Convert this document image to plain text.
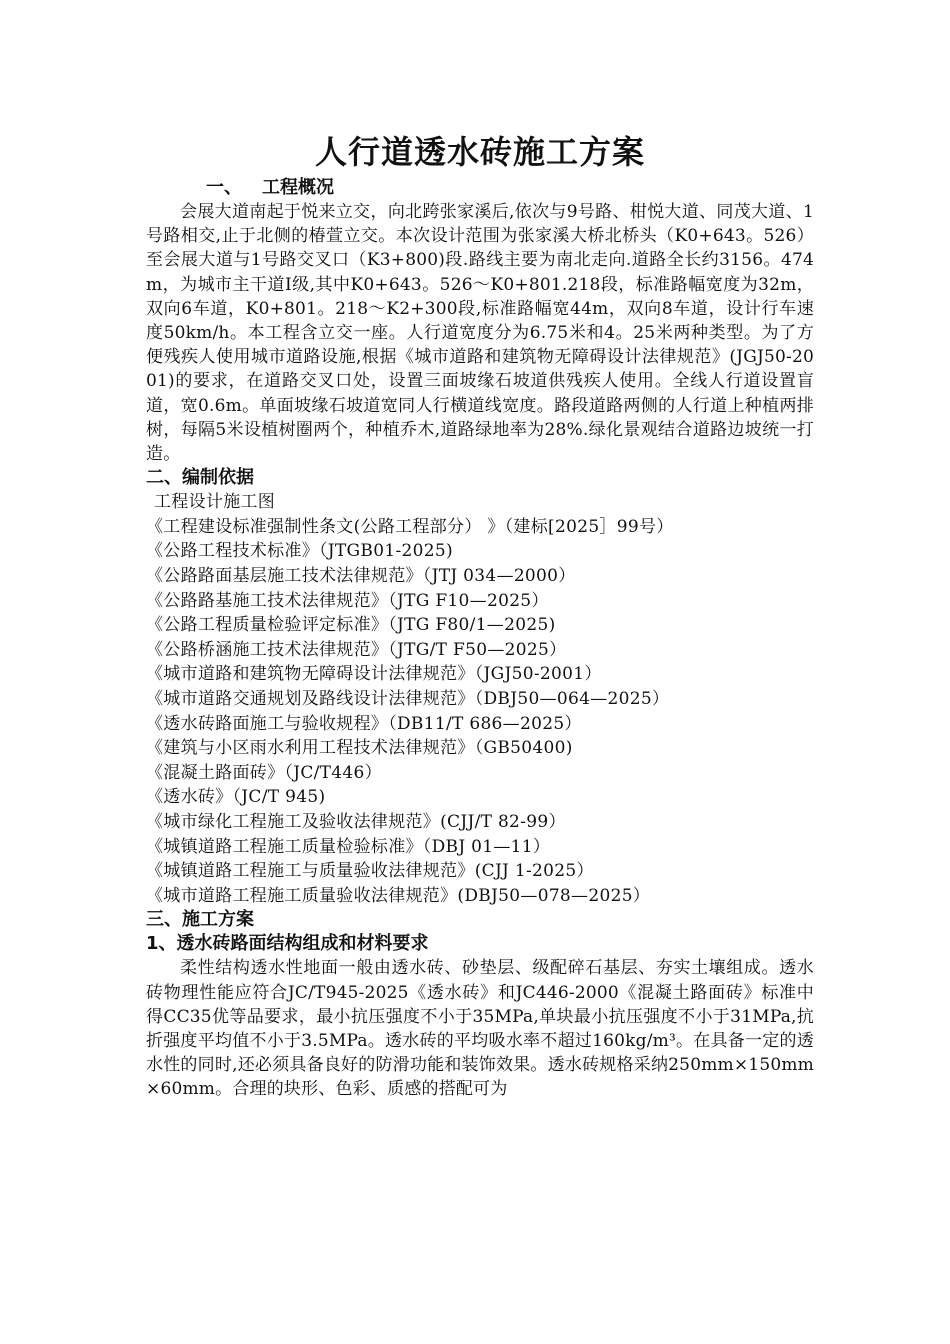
人行道透水砖施工方案
一、 工程概况

会展大道南起于悦来立交，向北跨张家溪后,依次与9号路、柑悦大道、同茂大道、1号路相交,止于北侧的椿萱立交。本次设计范围为张家溪大桥北桥头（K0+643。526）至会展大道与1号路交叉口（K3+800)段.路线主要为南北走向.道路全长约3156。474m，为城市主干道Ⅰ级,其中K0+643。526～K0+801.218段，标准路幅宽度为32m，双向6车道，K0+801。218～K2+300段,标准路幅宽44m，双向8车道，设计行车速度50km/h。本工程含立交一座。人行道宽度分为6.75米和4。25米两种类型。为了方便残疾人使用城市道路设施,根据《城市道路和建筑物无障碍设计法律规范》(JGJ50-2001)的要求，在道路交叉口处，设置三面坡缘石坡道供残疾人使用。全线人行道设置盲道，宽0.6m。单面坡缘石坡道宽同人行横道线宽度。路段道路两侧的人行道上种植两排树，每隔5米设植树圈两个，种植乔木,道路绿地率为28%.绿化景观结合道路边坡统一打造。

二、编制依据
工程设计施工图
《工程建设标准强制性条文(公路工程部分） 》（建标[2025］99号）
《公路工程技术标准》（JTGB01-2025)
《公路路面基层施工技术法律规范》（JTJ 034—2000）
《公路路基施工技术法律规范》（JTG F10—2025）
《公路工程质量检验评定标准》（JTG F80/1—2025)
《公路桥涵施工技术法律规范》（JTG/T F50—2025）
《城市道路和建筑物无障碍设计法律规范》（JGJ50-2001）
《城市道路交通规划及路线设计法律规范》（DBJ50—064—2025）
《透水砖路面施工与验收规程》（DB11/T 686—2025）
《建筑与小区雨水利用工程技术法律规范》（GB50400)
《混凝土路面砖》（JC/T446）
《透水砖》（JC/T 945)
《城市绿化工程施工及验收法律规范》(CJJ/T 82-99）
《城镇道路工程施工质量检验标准》（DBJ 01—11）
《城镇道路工程施工与质量验收法律规范》(CJJ 1-2025）
《城市道路工程施工质量验收法律规范》(DBJ50—078—2025）
三、施工方案
1、透水砖路面结构组成和材料要求

柔性结构透水性地面一般由透水砖、砂垫层、级配碎石基层、夯实土壤组成。透水砖物理性能应符合JC/T945-2025《透水砖》和JC446-2000《混凝土路面砖》标准中得CC35优等品要求，最小抗压强度不小于35MPa,单块最小抗压强度不小于31MPa,抗折强度平均值不小于3.5MPa。透水砖的平均吸水率不超过160kg/m³。在具备一定的透水性的同时,还必须具备良好的防滑功能和装饰效果。透水砖规格采纳250mm×150mm×60mm。合理的块形、色彩、质感的搭配可为
